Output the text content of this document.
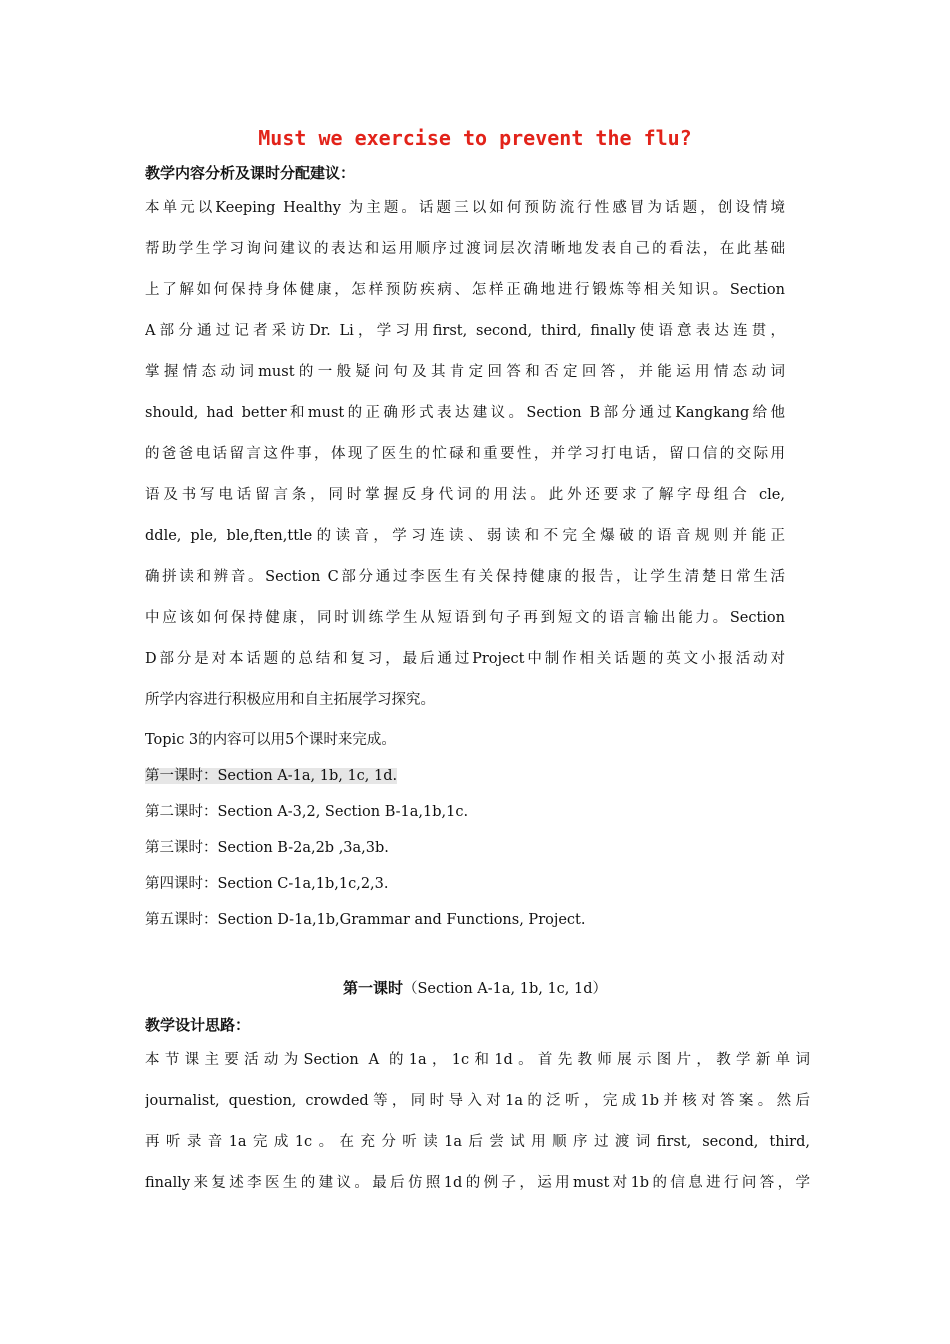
Must we exercise to prevent the flu?

教学内容分析及课时分配建议：

本单元以Keeping Healthy 为主题。话题三以如何预防流行性感冒为话题，创设情境
帮助学生学习询问建议的表达和运用顺序过渡词层次清晰地发表自己的看法，在此基础
上了解如何保持身体健康，怎样预防疾病、怎样正确地进行锻炼等相关知识。Section
A部分通过记者采访Dr. Li，学习用first, second, third, finally使语意表达连贯，
掌握情态动词must的一般疑问句及其肯定回答和否定回答，并能运用情态动词
should, had better和must的正确形式表达建议。Section B部分通过Kangkang给他
的爸爸电话留言这件事，体现了医生的忙碌和重要性，并学习打电话，留口信的交际用
语及书写电话留言条，同时掌握反身代词的用法。此外还要求了解字母组合 cle,
ddle, ple, ble,ften,ttle的读音，学习连读、弱读和不完全爆破的语音规则并能正
确拼读和辨音。Section C部分通过李医生有关保持健康的报告，让学生清楚日常生活
中应该如何保持健康，同时训练学生从短语到句子再到短文的语言输出能力。Section
D部分是对本话题的总结和复习，最后通过Project中制作相关话题的英文小报活动对
所学内容进行积极应用和自主拓展学习探究。

Topic 3的内容可以用5个课时来完成。

第一课时：Section A-1a, 1b, 1c, 1d.

第二课时：Section A-3,2, Section B-1a,1b,1c.

第三课时：Section B-2a,2b ,3a,3b.

第四课时：Section C-1a,1b,1c,2,3.

第五课时：Section D-1a,1b,Grammar and Functions, Project.

第一课时（Section A-1a, 1b, 1c, 1d）

教学设计思路：

本节课主要活动为Section A 的1a，1c和1d。首先教师展示图片，教学新单词
journalist, question, crowded等，同时导入对1a的泛听，完成1b并核对答案。然后
再听录音1a完成1c。在充分听读1a后尝试用顺序过渡词first, second, third,
finally来复述李医生的建议。最后仿照1d的例子，运用must对1b的信息进行问答，学
